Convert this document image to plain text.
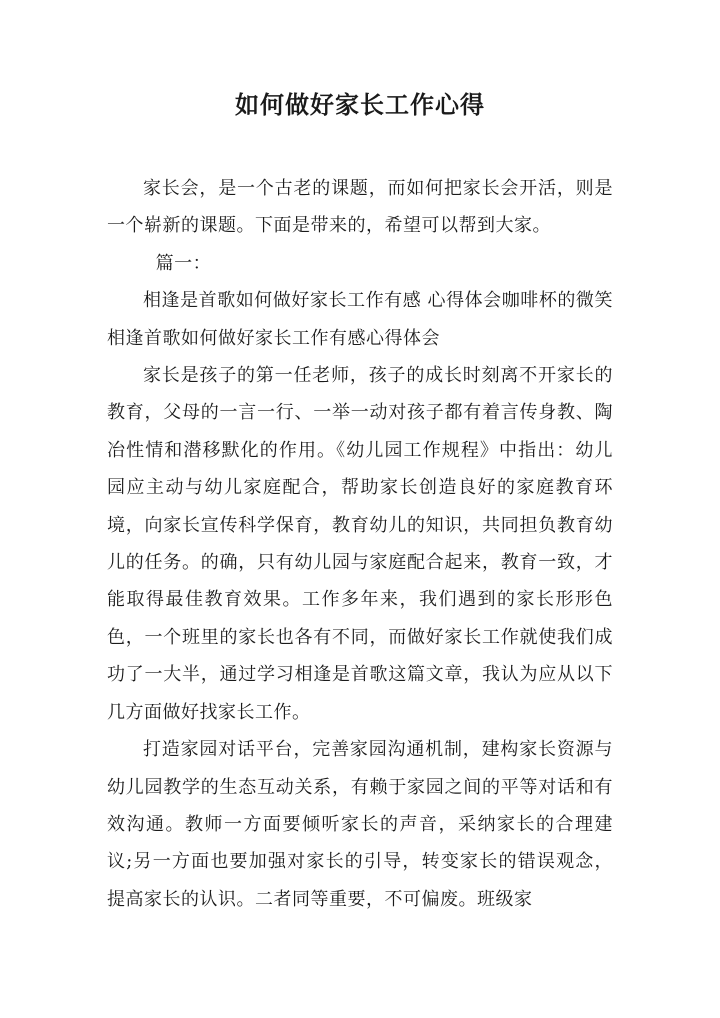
如何做好家长工作心得

家长会，是一个古老的课题，而如何把家长会开活，则是一个崭新的课题。下面是带来的，希望可以帮到大家。

篇一：

相逢是首歌如何做好家长工作有感 心得体会咖啡杯的微笑相逢首歌如何做好家长工作有感心得体会

家长是孩子的第一任老师，孩子的成长时刻离不开家长的教育，父母的一言一行、一举一动对孩子都有着言传身教、陶冶性情和潜移默化的作用。《幼儿园工作规程》中指出：幼儿园应主动与幼儿家庭配合，帮助家长创造良好的家庭教育环境，向家长宣传科学保育，教育幼儿的知识，共同担负教育幼儿的任务。的确，只有幼儿园与家庭配合起来，教育一致，才能取得最佳教育效果。工作多年来，我们遇到的家长形形色色，一个班里的家长也各有不同，而做好家长工作就使我们成功了一大半，通过学习相逢是首歌这篇文章，我认为应从以下几方面做好找家长工作。

打造家园对话平台，完善家园沟通机制，建构家长资源与幼儿园教学的生态互动关系，有赖于家园之间的平等对话和有效沟通。教师一方面要倾听家长的声音，采纳家长的合理建议;另一方面也要加强对家长的引导，转变家长的错误观念， 提高家长的认识。二者同等重要，不可偏废。班级家
